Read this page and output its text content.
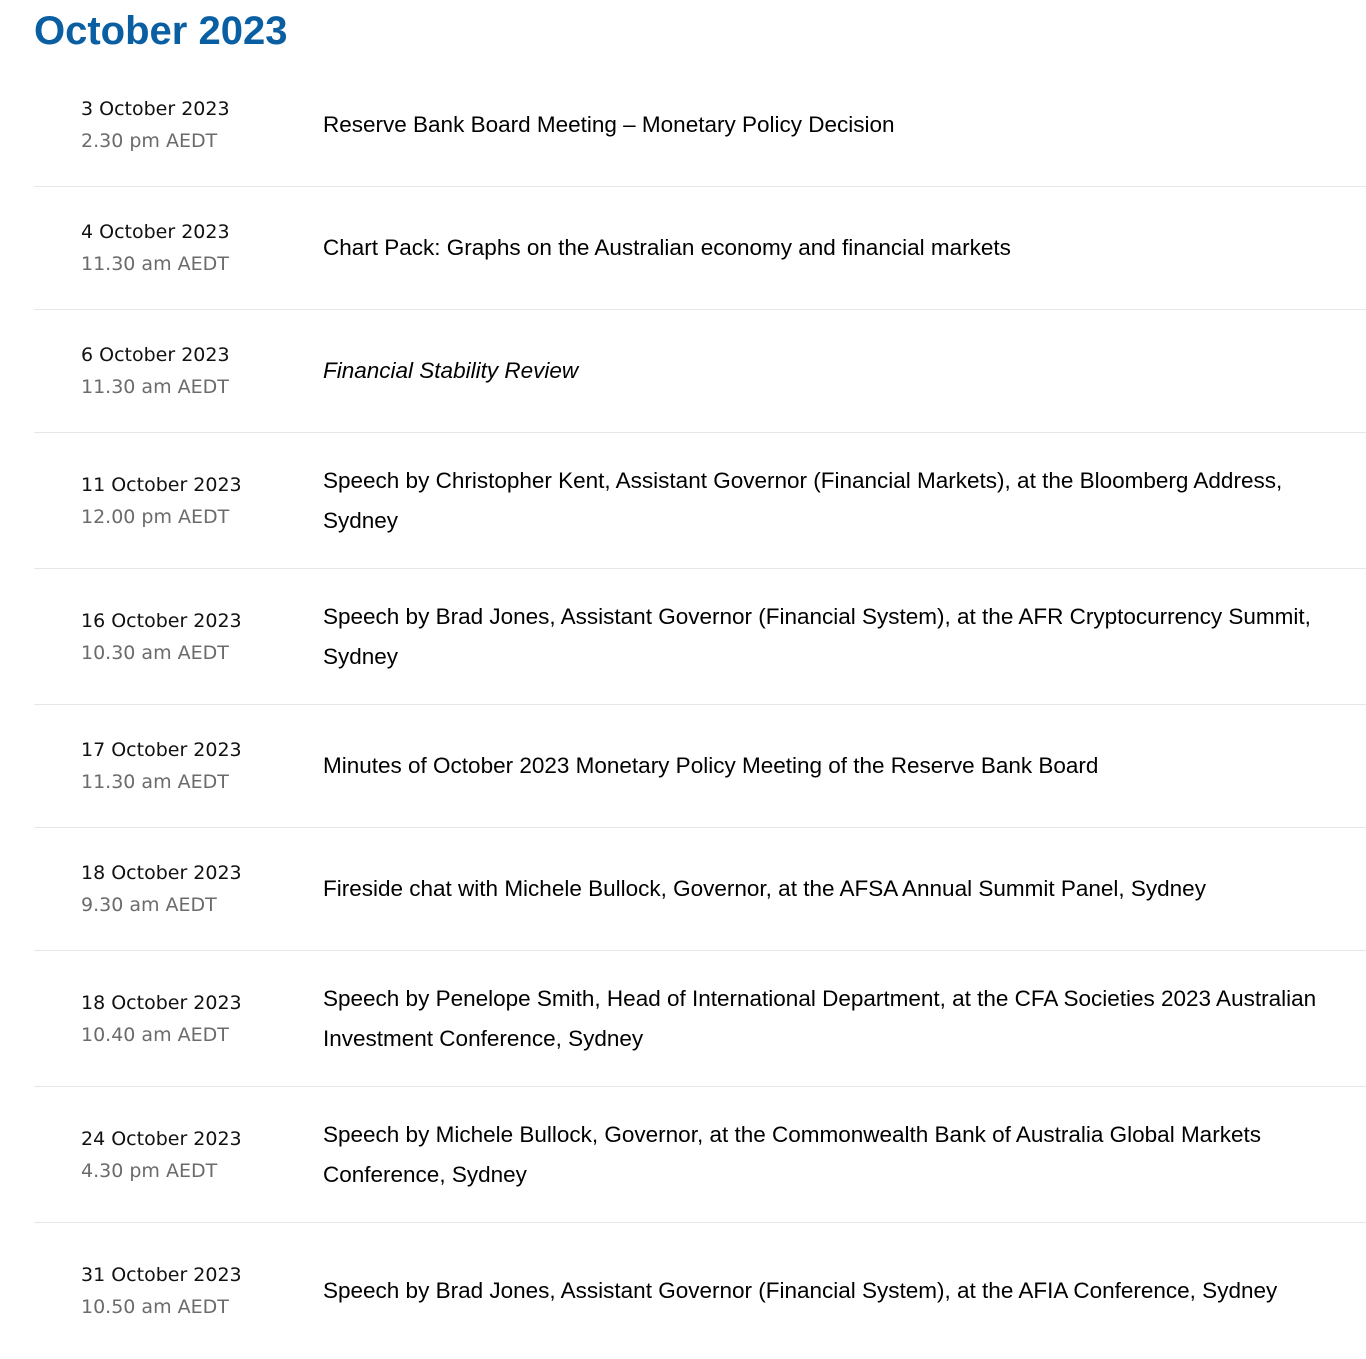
October 2023
3 October 2023
2.30 pm AEDT
Reserve Bank Board Meeting – Monetary Policy Decision
4 October 2023
11.30 am AEDT
Chart Pack: Graphs on the Australian economy and financial markets
6 October 2023
11.30 am AEDT
Financial Stability Review
11 October 2023
12.00 pm AEDT
Speech by Christopher Kent, Assistant Governor (Financial Markets), at the Bloomberg Address, Sydney
16 October 2023
10.30 am AEDT
Speech by Brad Jones, Assistant Governor (Financial System), at the AFR Cryptocurrency Summit, Sydney
17 October 2023
11.30 am AEDT
Minutes of October 2023 Monetary Policy Meeting of the Reserve Bank Board
18 October 2023
9.30 am AEDT
Fireside chat with Michele Bullock, Governor, at the AFSA Annual Summit Panel, Sydney
18 October 2023
10.40 am AEDT
Speech by Penelope Smith, Head of International Department, at the CFA Societies 2023 Australian Investment Conference, Sydney
24 October 2023
4.30 pm AEDT
Speech by Michele Bullock, Governor, at the Commonwealth Bank of Australia Global Markets Conference, Sydney
31 October 2023
10.50 am AEDT
Speech by Brad Jones, Assistant Governor (Financial System), at the AFIA Conference, Sydney
